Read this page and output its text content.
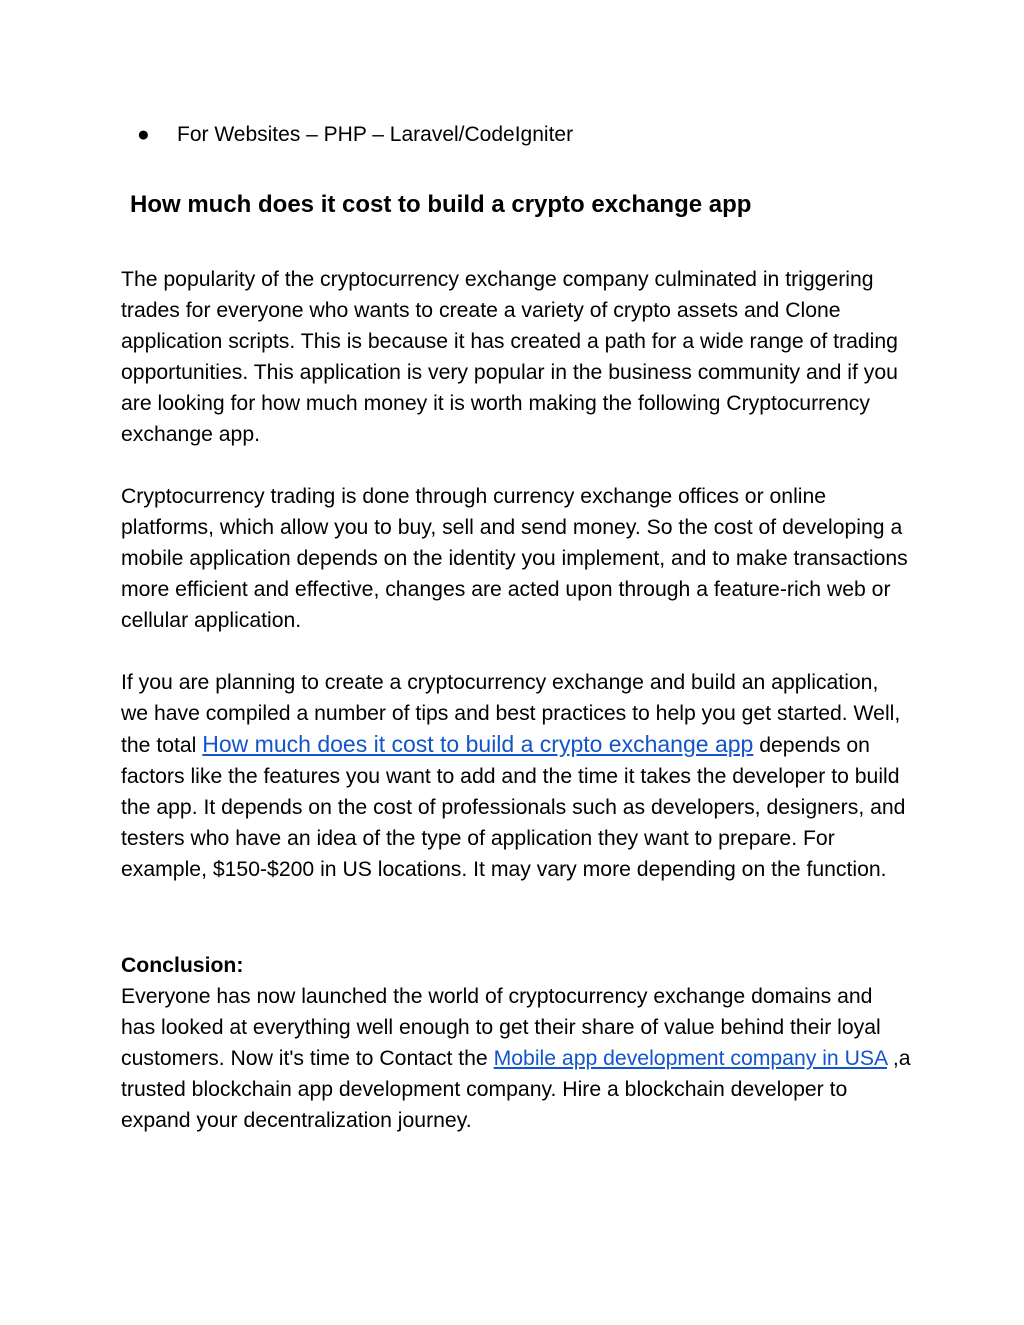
● For Websites – PHP – Laravel/CodeIgniter
How much does it cost to build a crypto exchange app

The popularity of the cryptocurrency exchange company culminated in triggering trades for everyone who wants to create a variety of crypto assets and Clone application scripts. This is because it has created a path for a wide range of trading opportunities. This application is very popular in the business community and if you are looking for how much money it is worth making the following Cryptocurrency exchange app.

Cryptocurrency trading is done through currency exchange offices or online platforms, which allow you to buy, sell and send money. So the cost of developing a mobile application depends on the identity you implement, and to make transactions more efficient and effective, changes are acted upon through a feature-rich web or cellular application.

If you are planning to create a cryptocurrency exchange and build an application, we have compiled a number of tips and best practices to help you get started. Well, the total How much does it cost to build a crypto exchange app depends on factors like the features you want to add and the time it takes the developer to build the app. It depends on the cost of professionals such as developers, designers, and testers who have an idea of the type of application they want to prepare. For example, $150-$200 in US locations. It may vary more depending on the function.

Conclusion:
Everyone has now launched the world of cryptocurrency exchange domains and has looked at everything well enough to get their share of value behind their loyal customers. Now it's time to Contact the Mobile app development company in USA ,a trusted blockchain app development company. Hire a blockchain developer to expand your decentralization journey.
